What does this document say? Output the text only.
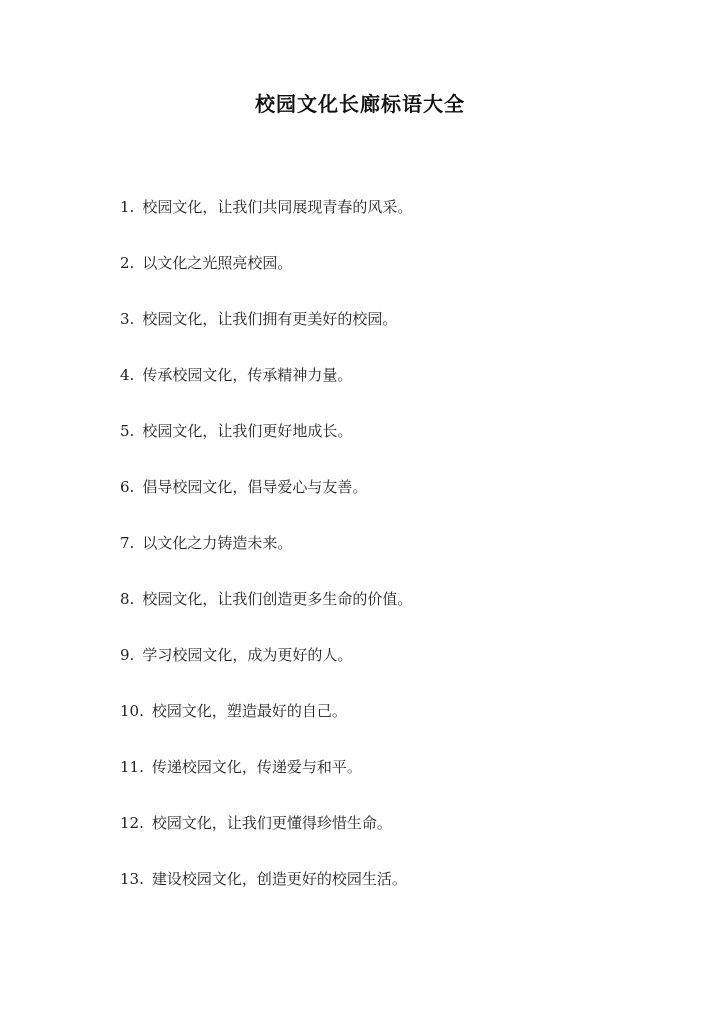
校园文化长廊标语大全
1. 校园文化，让我们共同展现青春的风采。
2. 以文化之光照亮校园。
3. 校园文化，让我们拥有更美好的校园。
4. 传承校园文化，传承精神力量。
5. 校园文化，让我们更好地成长。
6. 倡导校园文化，倡导爱心与友善。
7. 以文化之力铸造未来。
8. 校园文化，让我们创造更多生命的价值。
9. 学习校园文化，成为更好的人。
10. 校园文化，塑造最好的自己。
11. 传递校园文化，传递爱与和平。
12. 校园文化，让我们更懂得珍惜生命。
13. 建设校园文化，创造更好的校园生活。
